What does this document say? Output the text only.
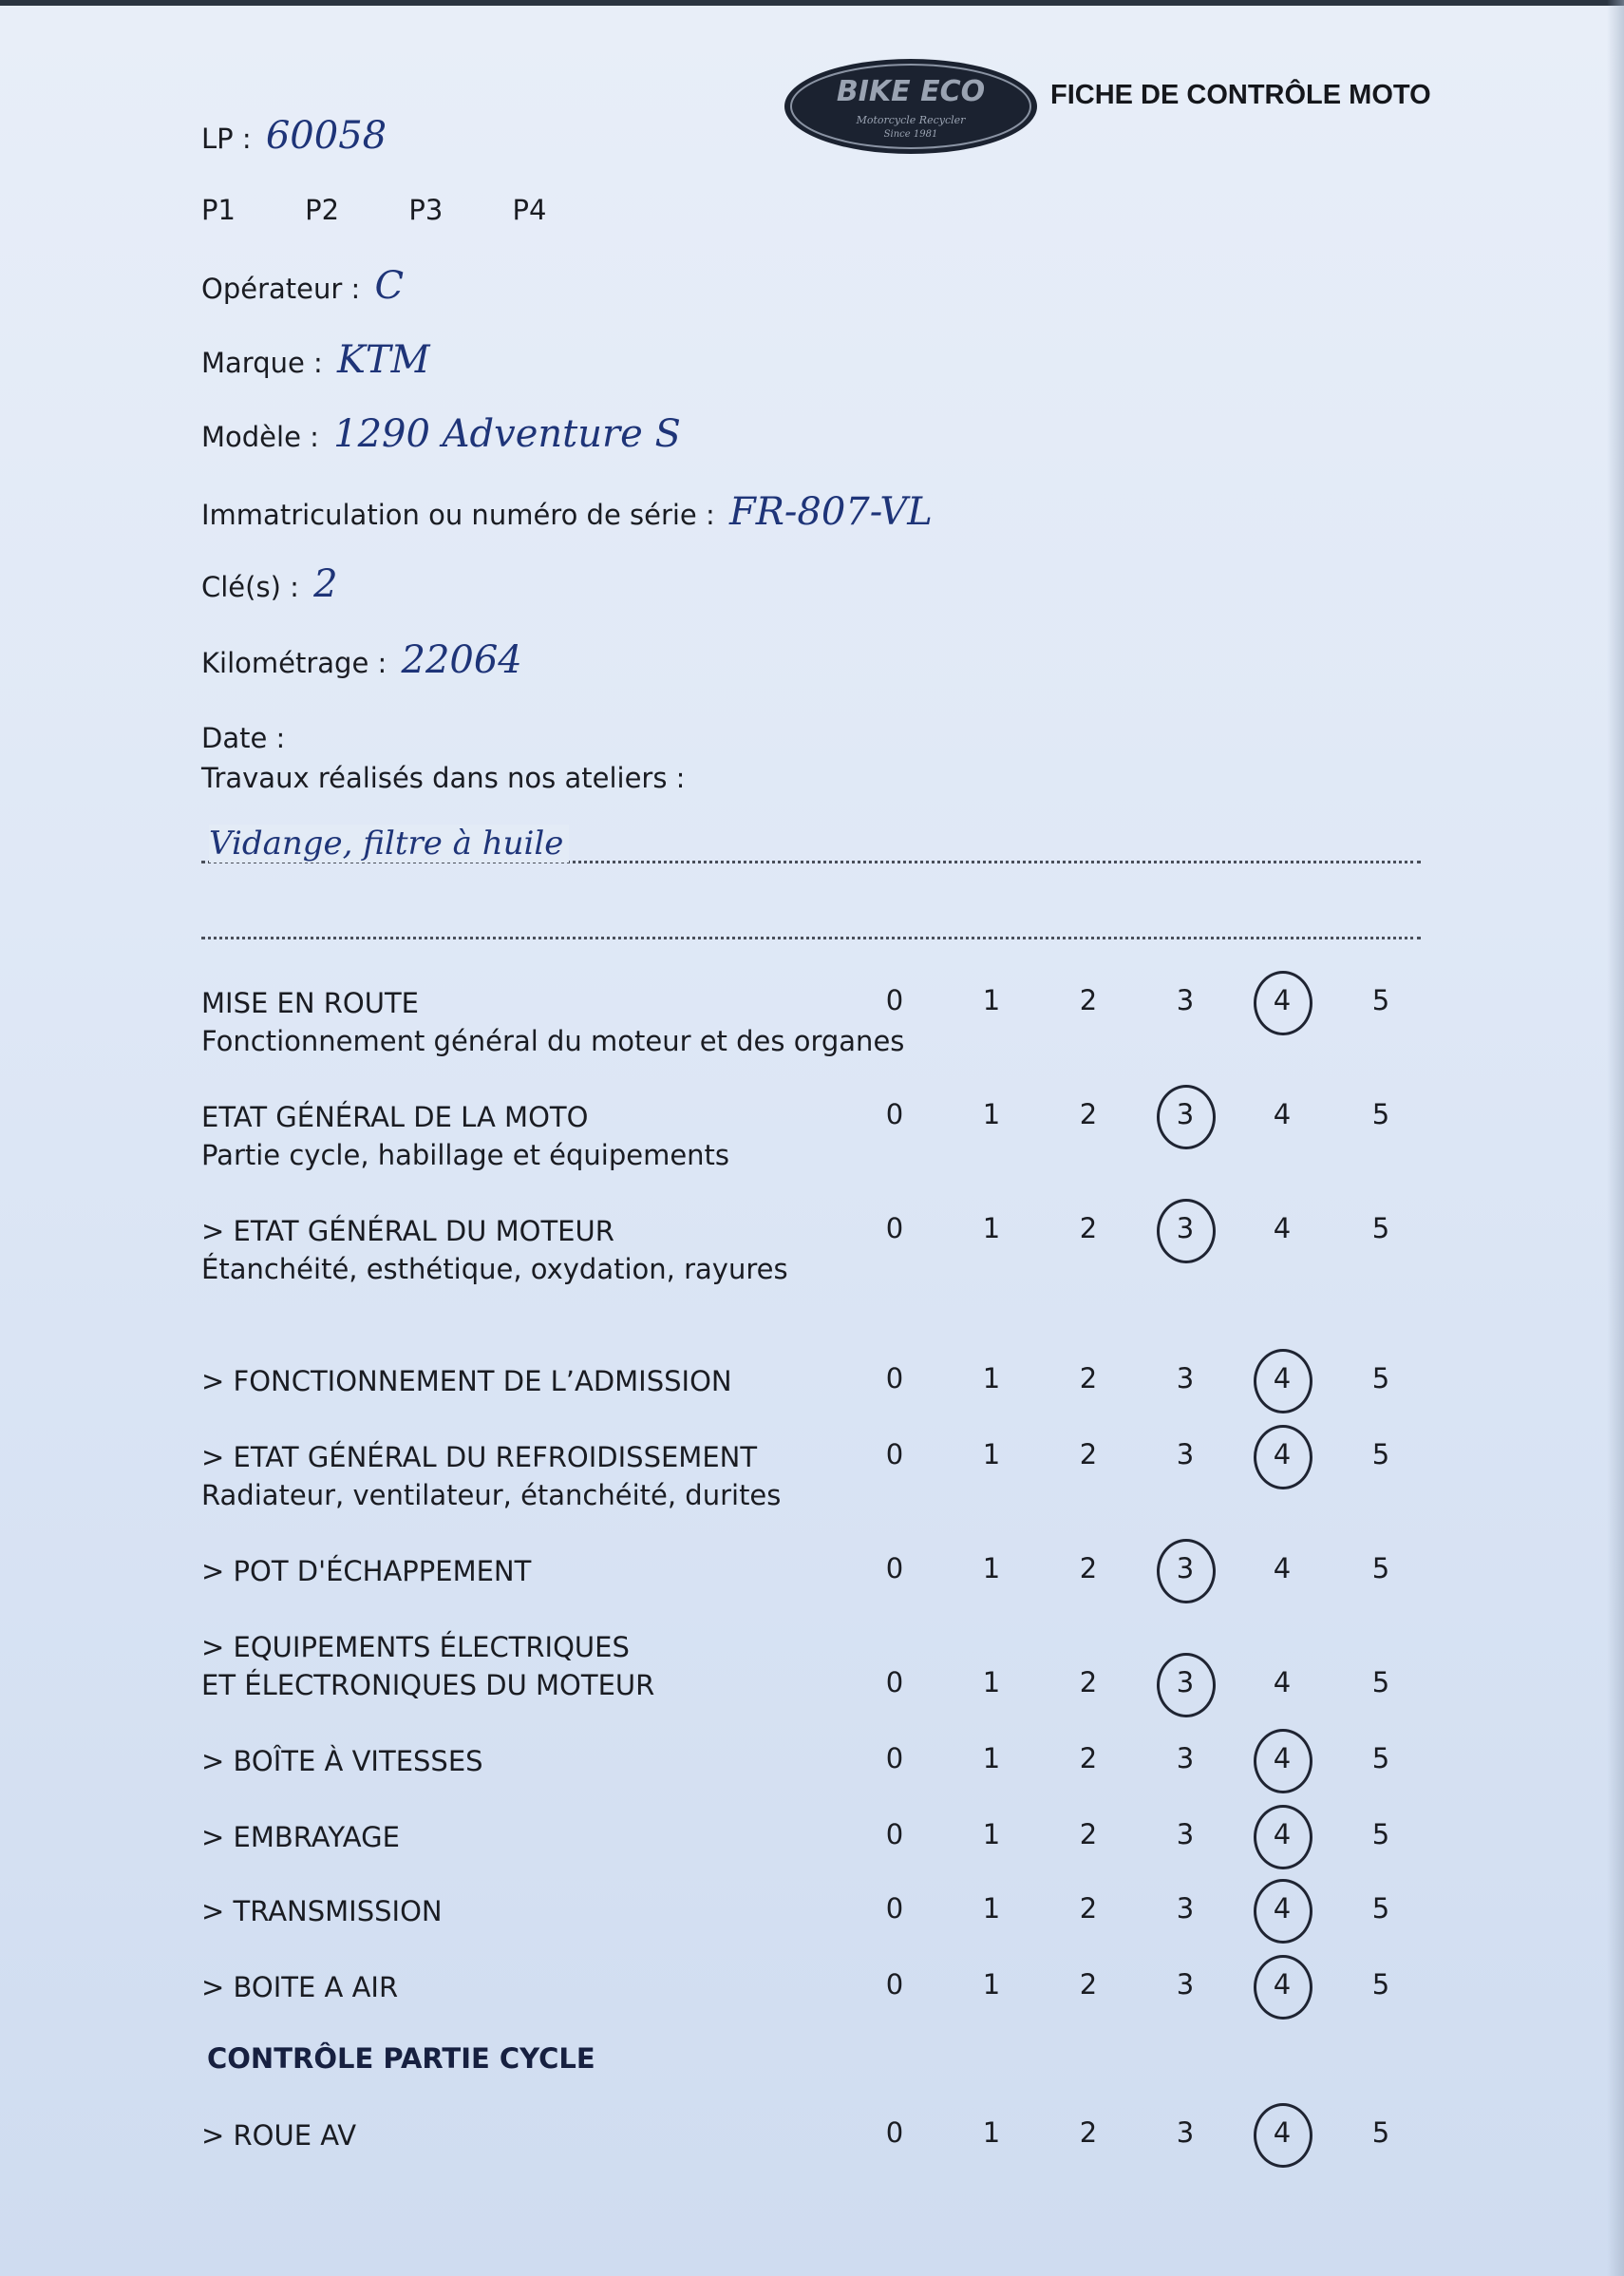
BIKE ECO
Motorcycle Recycler
Since 1981
FICHE DE CONTRÔLE MOTO
LP : 60058
P1	P2	P3	P4
Opérateur : C
Marque : KTM
Modèle : 1290 Adventure S
Immatriculation ou numéro de série : FR-807-VL
Clé(s) : 2
Kilométrage : 22064
Date :
Travaux réalisés dans nos ateliers :
Vidange, filtre à huile
CONTRÔLE PARTIE CYCLE
MISE EN ROUTE
Fonctionnement général du moteur et des organes
0	1	2	3	4	5
ETAT GÉNÉRAL DE LA MOTO
Partie cycle, habillage et équipements
0	1	2	3	4	5
> ETAT GÉNÉRAL DU MOTEUR
Étanchéité, esthétique, oxydation, rayures
0	1	2	3	4	5
> FONCTIONNEMENT DE L’ADMISSION	0	1	2	3	4	5
> ETAT GÉNÉRAL DU REFROIDISSEMENT
Radiateur, ventilateur, étanchéité, durites
0	1	2	3	4	5
> POT D'ÉCHAPPEMENT	0	1	2	3	4	5
> EQUIPEMENTS ÉLECTRIQUES
ET ÉLECTRONIQUES DU MOTEUR	0	1	2	3	4	5
> BOÎTE À VITESSES	0	1	2	3	4	5
> EMBRAYAGE	0	1	2	3	4	5
> TRANSMISSION	0	1	2	3	4	5
> BOITE A AIR	0	1	2	3	4	5
> ROUE AV	0	1	2	3	4	5
